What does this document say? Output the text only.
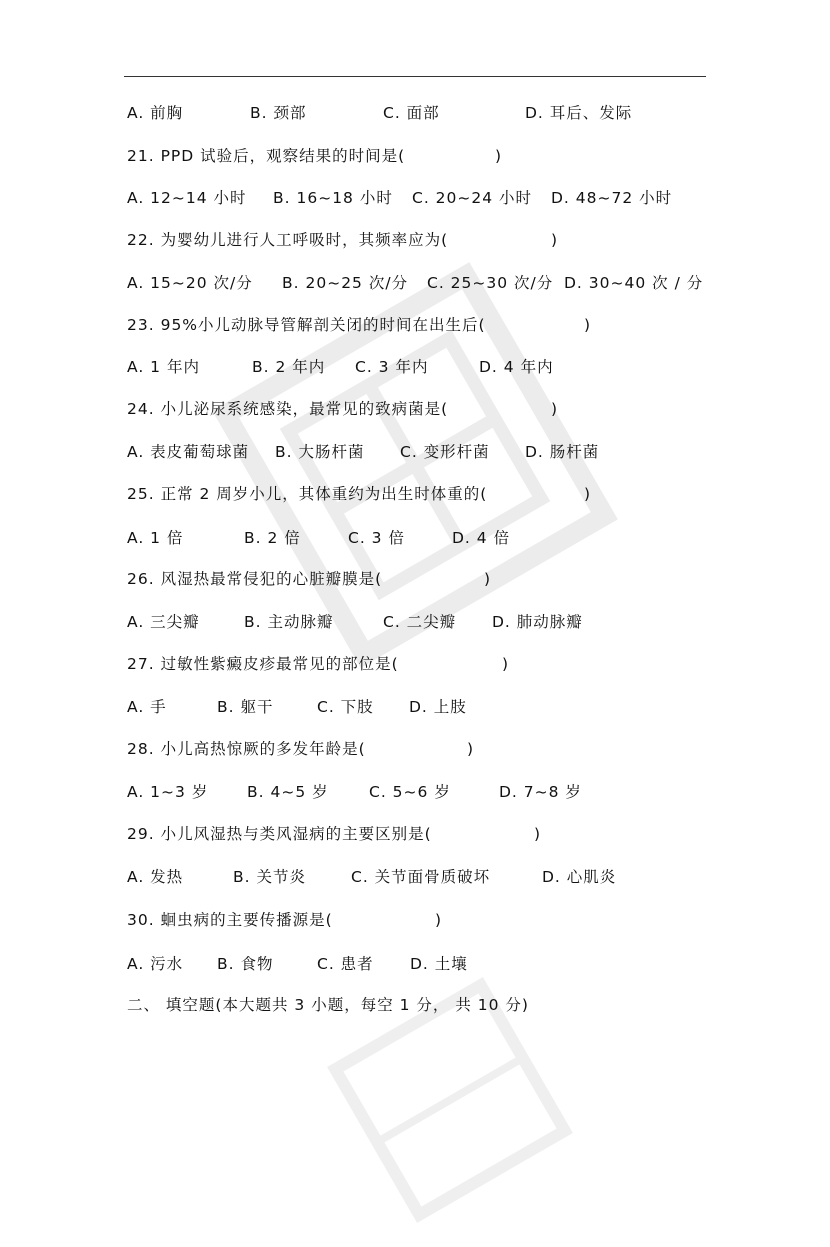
A. 前胸

	B. 颈部

	C. 面部

	D. 耳后、发际

21. PPD 试验后，观察结果的时间是(

	)

A. 12~14 小时

B. 16~18 小时

C. 20~24 小时

D. 48~72 小时

22. 为婴幼儿进行人工呼吸时，其频率应为(

	)

A. 15~20 次/分

B. 20~25 次/分

C. 25~30 次/分

D. 30~40 次 / 分

23. 95%小儿动脉导管解剖关闭的时间在出生后(

	)

A. 1 年内

	B. 2 年内

C. 3 年内

	D. 4 年内

24. 小儿泌尿系统感染，最常见的致病菌是(

	)

A. 表皮葡萄球菌

B. 大肠杆菌

C. 变形杆菌

D. 肠杆菌

25. 正常 2 周岁小儿，其体重约为出生时体重的(

	)

A. 1 倍

	B. 2 倍

	C. 3 倍

	D. 4 倍

26. 风湿热最常侵犯的心脏瓣膜是(

	)

A. 三尖瓣

	B. 主动脉瓣

	C. 二尖瓣

D. 肺动脉瓣

27. 过敏性紫癜皮疹最常见的部位是(

	)

A. 手

	B. 躯干

	C. 下肢

D. 上肢

28. 小儿高热惊厥的多发年龄是(

	)

A. 1~3 岁

B. 4~5 岁

	C. 5~6 岁

	D. 7~8 岁

29. 小儿风湿热与类风湿病的主要区别是(

	)

A. 发热

	B. 关节炎

	C. 关节面骨质破坏

	D. 心肌炎

30. 蛔虫病的主要传播源是(

	)

A. 污水

B. 食物

	C. 患者

D. 土壤

二、 填空题(本大题共 3 小题，每空 1 分， 共 10 分)
